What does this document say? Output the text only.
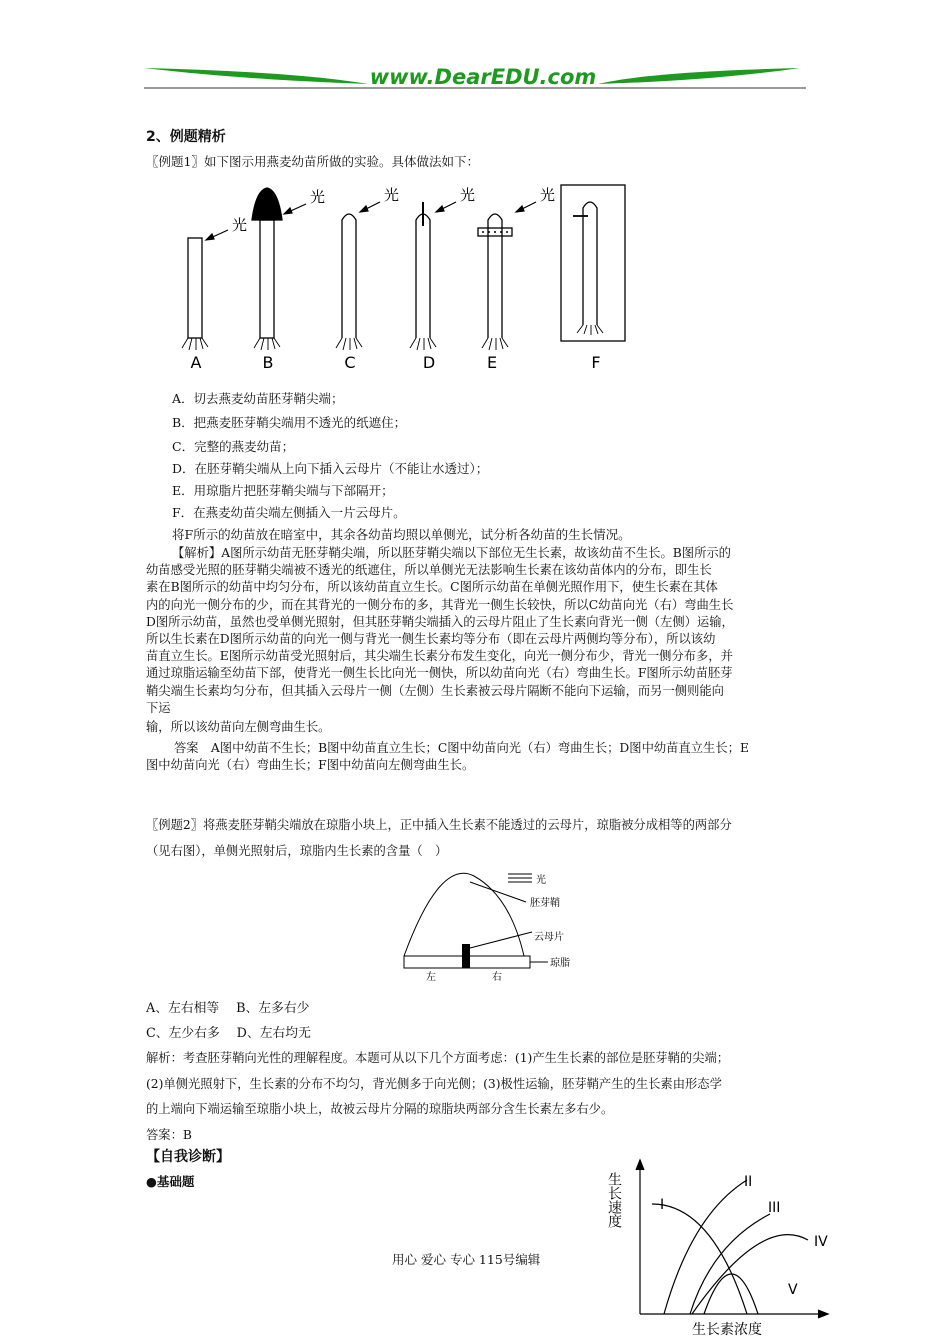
www.DearEDU.com
2、例题精析
〖例题1〗如下图示用燕麦幼苗所做的实验。具体做法如下：
光
光	光	光	光
A	B	C	D	E	F
A．切去燕麦幼苗胚芽鞘尖端；
B．把燕麦胚芽鞘尖端用不透光的纸遮住；
C．完整的燕麦幼苗；
D．在胚芽鞘尖端从上向下插入云母片（不能让水透过）；
E．用琼脂片把胚芽鞘尖端与下部隔开；
F．在燕麦幼苗尖端左侧插入一片云母片。
将F所示的幼苗放在暗室中，其余各幼苗均照以单侧光，试分析各幼苗的生长情况。
【解析】A图所示幼苗无胚芽鞘尖端，所以胚芽鞘尖端以下部位无生长素，故该幼苗不生长。B图所示的
幼苗感受光照的胚芽鞘尖端被不透光的纸遮住，所以单侧光无法影响生长素在该幼苗体内的分布，即生长
素在B图所示的幼苗中均匀分布，所以该幼苗直立生长。C图所示幼苗在单侧光照作用下，使生长素在其体
内的向光一侧分布的少，而在其背光的一侧分布的多，其背光一侧生长较快，所以C幼苗向光（右）弯曲生长
D图所示幼苗，虽然也受单侧光照射，但其胚芽鞘尖端插入的云母片阻止了生长素向背光一侧（左侧）运输，
所以生长素在D图所示幼苗的向光一侧与背光一侧生长素均等分布（即在云母片两侧均等分布），所以该幼
苗直立生长。E图所示幼苗受光照射后，其尖端生长素分布发生变化，向光一侧分布少，背光一侧分布多，并
通过琼脂运输至幼苗下部，使背光一侧生长比向光一侧快，所以幼苗向光（右）弯曲生长。F图所示幼苗胚芽
鞘尖端生长素均匀分布，但其插入云母片一侧（左侧）生长素被云母片隔断不能向下运输，而另一侧则能向
下运
输，所以该幼苗向左侧弯曲生长。
答案　A图中幼苗不生长；B图中幼苗直立生长；C图中幼苗向光（右）弯曲生长；D图中幼苗直立生长；E
图中幼苗向光（右）弯曲生长；F图中幼苗向左侧弯曲生长。
〖例题2〗将燕麦胚芽鞘尖端放在琼脂小块上，正中插入生长素不能透过的云母片，琼脂被分成相等的两部分
（见右图），单侧光照射后，琼脂内生长素的含量（　）
光
胚芽鞘
云母片
琼脂
左	右
A、左右相等　 B、左多右少
C、左少右多　 D、左右均无
解析：考查胚芽鞘向光性的理解程度。本题可从以下几个方面考虑：(1)产生生长素的部位是胚芽鞘的尖端；
(2)单侧光照射下，生长素的分布不均匀，背光侧多于向光侧；(3)极性运输，胚芽鞘产生的生长素由形态学
的上端向下端运输至琼脂小块上，故被云母片分隔的琼脂块两部分含生长素左多右少。
答案：B
【自我诊断】
●基础题
I
II
III
IV
V
生长速度
生长素浓度
用心 爱心 专心 115号编辑
